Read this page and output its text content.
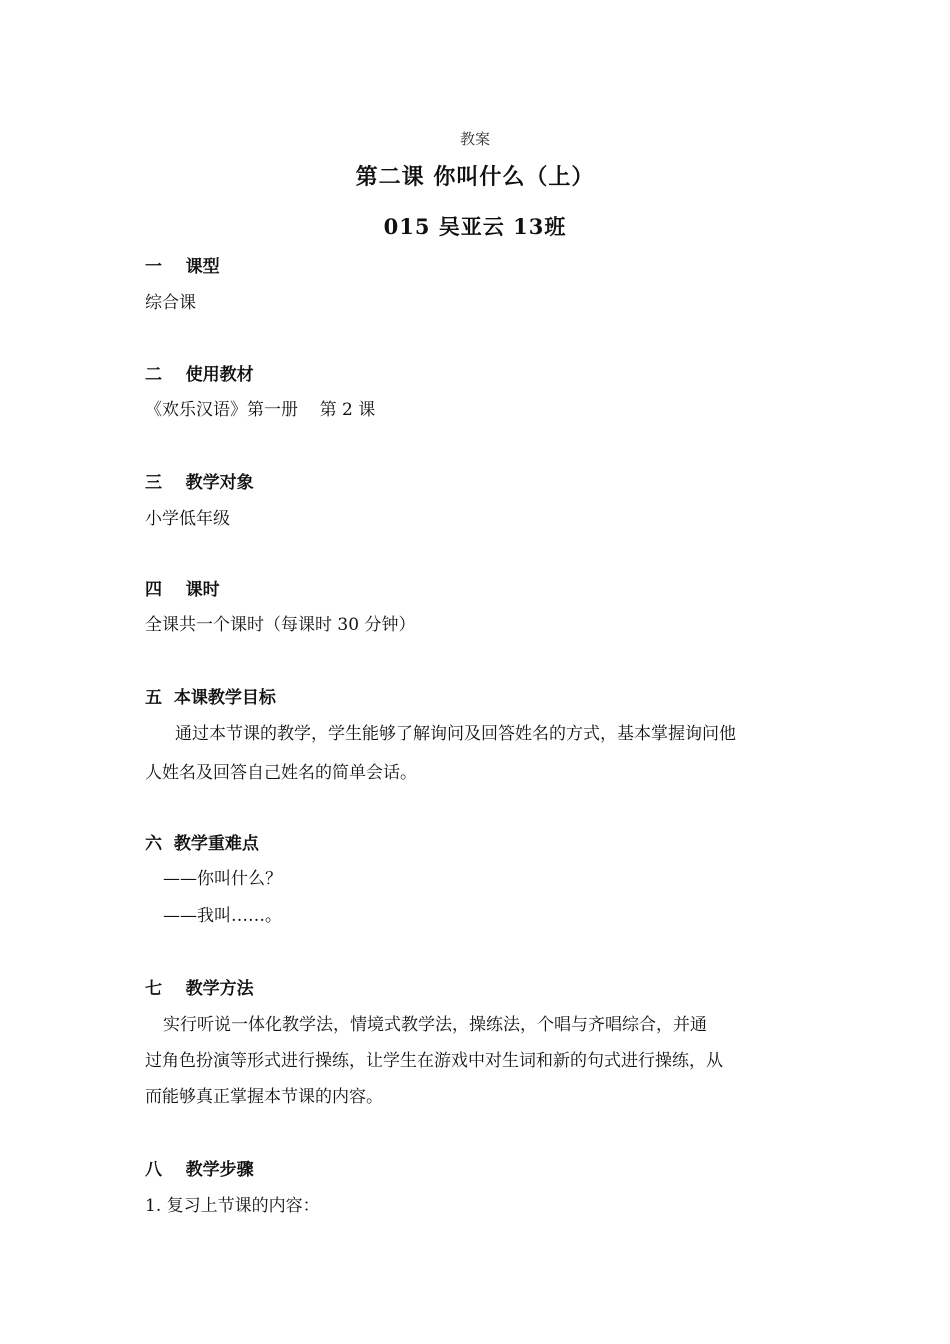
教案
第二课 你叫什么（上）
015 吴亚云 13班
一    课型
综合课
二    使用教材
《欢乐汉语》第一册    第 2 课
三    教学对象
小学低年级
四    课时
全课共一个课时（每课时 30 分钟）
五  本课教学目标
通过本节课的教学，学生能够了解询问及回答姓名的方式，基本掌握询问他
人姓名及回答自己姓名的简单会话。
六  教学重难点
——你叫什么？
——我叫……。
七    教学方法
实行听说一体化教学法，情境式教学法，操练法，个唱与齐唱综合，并通
过角色扮演等形式进行操练，让学生在游戏中对生词和新的句式进行操练，从
而能够真正掌握本节课的内容。
八    教学步骤
1. 复习上节课的内容：
